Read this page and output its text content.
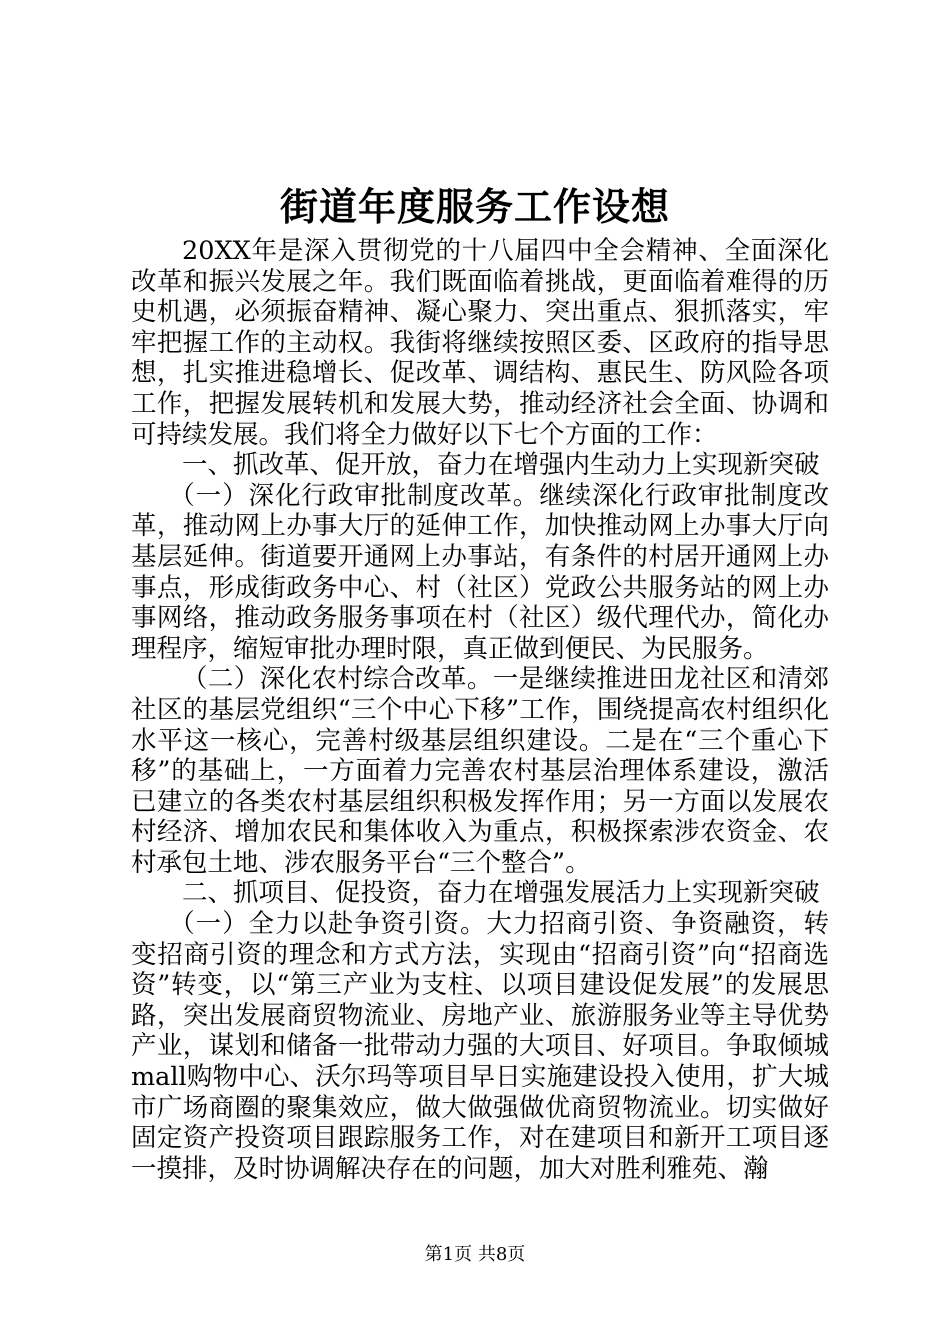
街道年度服务工作设想

20XX年是深入贯彻党的十八届四中全会精神、全面深化改革和振兴发展之年。我们既面临着挑战，更面临着难得的历史机遇，必须振奋精神、凝心聚力、突出重点、狠抓落实，牢牢把握工作的主动权。我街将继续按照区委、区政府的指导思想，扎实推进稳增长、促改革、调结构、惠民生、防风险各项工作，把握发展转机和发展大势，推动经济社会全面、协调和可持续发展。我们将全力做好以下七个方面的工作：

一、抓改革、促开放，奋力在增强内生动力上实现新突破

（一）深化行政审批制度改革。继续深化行政审批制度改革，推动网上办事大厅的延伸工作，加快推动网上办事大厅向基层延伸。街道要开通网上办事站，有条件的村居开通网上办事点，形成街政务中心、村（社区）党政公共服务站的网上办事网络，推动政务服务事项在村（社区）级代理代办，简化办理程序，缩短审批办理时限，真正做到便民、为民服务。

（二）深化农村综合改革。一是继续推进田龙社区和清郊社区的基层党组织“三个中心下移”工作，围绕提高农村组织化水平这一核心，完善村级基层组织建设。二是在“三个重心下移”的基础上，一方面着力完善农村基层治理体系建设，激活已建立的各类农村基层组织积极发挥作用；另一方面以发展农村经济、增加农民和集体收入为重点，积极探索涉农资金、农村承包土地、涉农服务平台“三个整合”。

二、抓项目、促投资，奋力在增强发展活力上实现新突破

（一）全力以赴争资引资。大力招商引资、争资融资，转变招商引资的理念和方式方法，实现由“招商引资”向“招商选资”转变，以“第三产业为支柱、以项目建设促发展”的发展思路，突出发展商贸物流业、房地产业、旅游服务业等主导优势产业，谋划和储备一批带动力强的大项目、好项目。争取倾城mall购物中心、沃尔玛等项目早日实施建设投入使用，扩大城市广场商圈的聚集效应，做大做强做优商贸物流业。切实做好固定资产投资项目跟踪服务工作，对在建项目和新开工项目逐一摸排，及时协调解决存在的问题，加大对胜利雅苑、瀚

第1页 共8页
